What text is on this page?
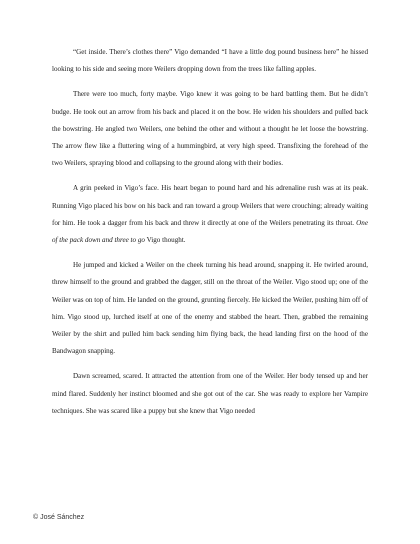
“Get inside. There’s clothes there” Vigo demanded “I have a little dog pound business here” he hissed looking to his side and seeing more Weilers dropping down from the trees like falling apples.

There were too much, forty maybe. Vigo knew it was going to be hard battling them. But he didn’t budge. He took out an arrow from his back and placed it on the bow. He widen his shoulders and pulled back the bowstring. He angled two Weilers, one behind the other and without a thought he let loose the bowstring. The arrow flew like a fluttering wing of a hummingbird, at very high speed. Transfixing the forehead of the two Weilers, spraying blood and collapsing to the ground along with their bodies.

A grin peeked in Vigo’s face. His heart began to pound hard and his adrenaline rush was at its peak. Running Vigo placed his bow on his back and ran toward a group Weilers that were crouching; already waiting for him. He took a dagger from his back and threw it directly at one of the Weilers penetrating its throat. One of the pack down and three to go Vigo thought.

He jumped and kicked a Weiler on the cheek turning his head around, snapping it. He twirled around, threw himself to the ground and grabbed the dagger, still on the throat of the Weiler. Vigo stood up; one of the Weiler was on top of him. He landed on the ground, grunting fiercely. He kicked the Weiler, pushing him off of him. Vigo stood up, lurched itself at one of the enemy and stabbed the heart. Then, grabbed the remaining Weiler by the shirt and pulled him back sending him flying back, the head landing first on the hood of the Bandwagon snapping.

Dawn screamed, scared. It attracted the attention from one of the Weiler. Her body tensed up and her mind flared. Suddenly her instinct bloomed and she got out of the car. She was ready to explore her Vampire techniques. She was scared like a puppy but she knew that Vigo needed

© José Sánchez
